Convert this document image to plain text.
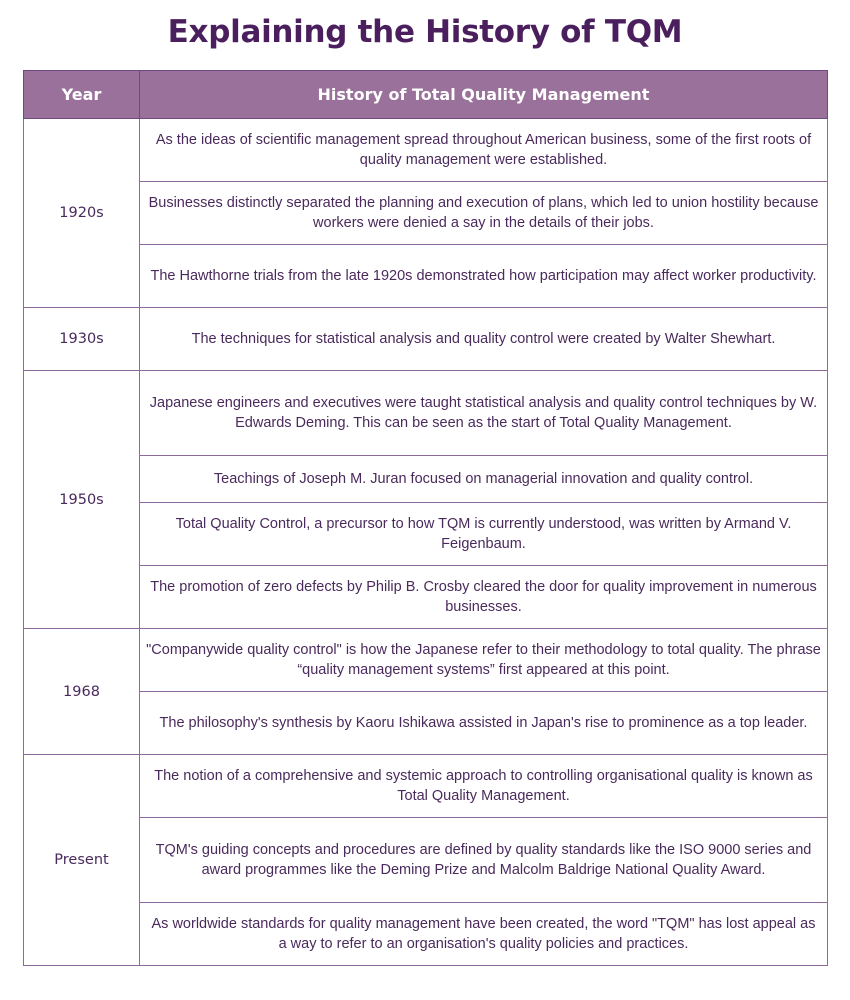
Explaining the History of TQM
Year	History of Total Quality Management
1920s	As the ideas of scientific management spread throughout American business, some of the first roots of quality management were established.
	Businesses distinctly separated the planning and execution of plans, which led to union hostility because workers were denied a say in the details of their jobs.
	The Hawthorne trials from the late 1920s demonstrated how participation may affect worker productivity.
1930s	The techniques for statistical analysis and quality control were created by Walter Shewhart.
1950s	Japanese engineers and executives were taught statistical analysis and quality control techniques by W. Edwards Deming. This can be seen as the start of Total Quality Management.
	Teachings of Joseph M. Juran focused on managerial innovation and quality control.
	Total Quality Control, a precursor to how TQM is currently understood, was written by Armand V. Feigenbaum.
	The promotion of zero defects by Philip B. Crosby cleared the door for quality improvement in numerous businesses.
1968	"Companywide quality control" is how the Japanese refer to their methodology to total quality. The phrase “quality management systems” first appeared at this point.
	The philosophy's synthesis by Kaoru Ishikawa assisted in Japan's rise to prominence as a top leader.
Present	The notion of a comprehensive and systemic approach to controlling organisational quality is known as Total Quality Management.
	TQM's guiding concepts and procedures are defined by quality standards like the ISO 9000 series and award programmes like the Deming Prize and Malcolm Baldrige National Quality Award.
	As worldwide standards for quality management have been created, the word "TQM" has lost appeal as a way to refer to an organisation's quality policies and practices.
